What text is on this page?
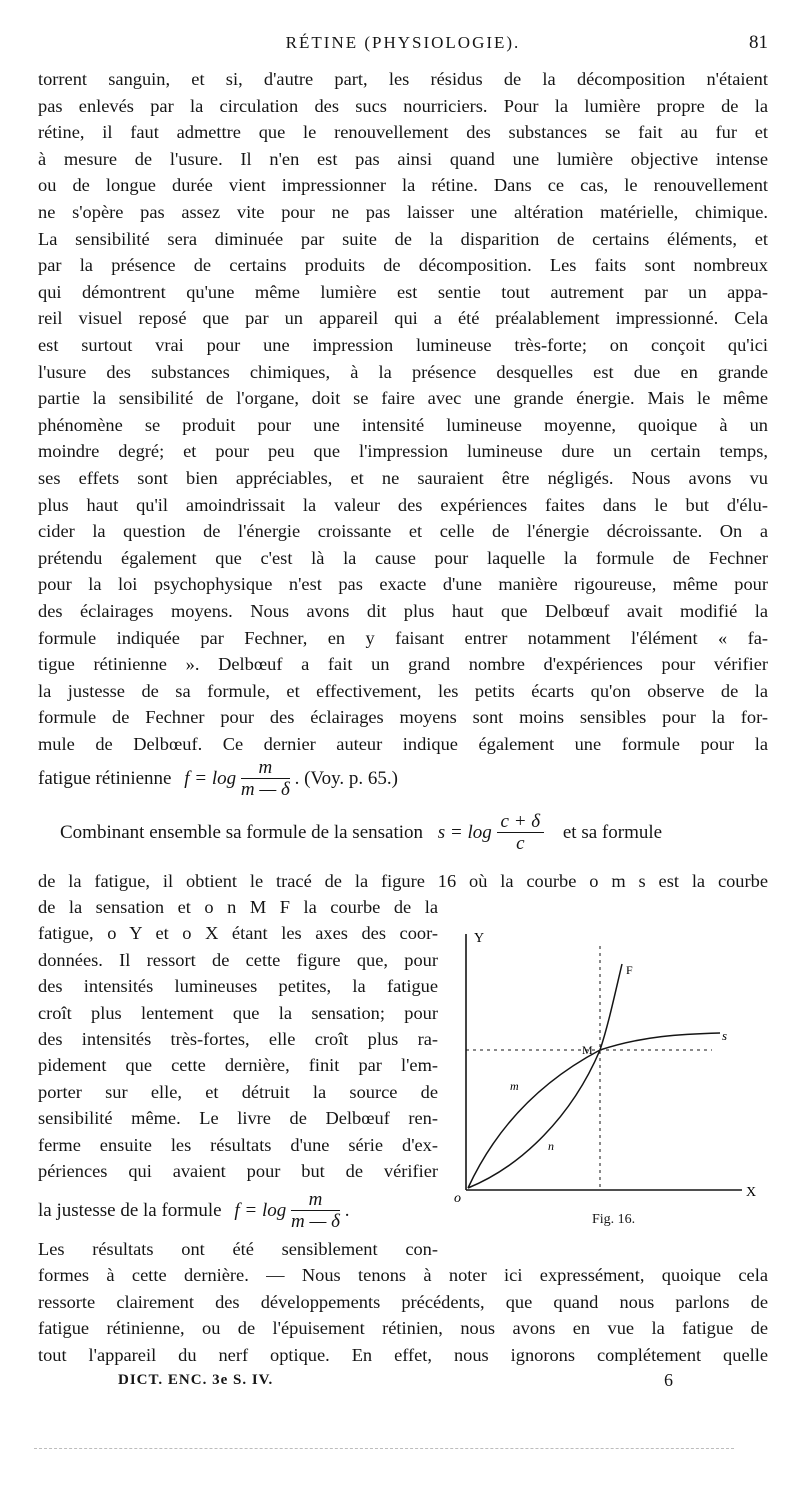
RÉTINE (PHYSIOLOGIE).	81
torrent sanguin, et si, d'autre part, les résidus de la décomposition n'étaient
pas enlevés par la circulation des sucs nourriciers. Pour la lumière propre de la
rétine, il faut admettre que le renouvellement des substances se fait au fur et
à mesure de l'usure. Il n'en est pas ainsi quand une lumière objective intense
ou de longue durée vient impressionner la rétine. Dans ce cas, le renouvellement
ne s'opère pas assez vite pour ne pas laisser une altération matérielle, chimique.
La sensibilité sera diminuée par suite de la disparition de certains éléments, et
par la présence de certains produits de décomposition. Les faits sont nombreux
qui démontrent qu'une même lumière est sentie tout autrement par un appa-
reil visuel reposé que par un appareil qui a été préalablement impressionné. Cela
est surtout vrai pour une impression lumineuse très-forte; on conçoit qu'ici
l'usure des substances chimiques, à la présence desquelles est due en grande
partie la sensibilité de l'organe, doit se faire avec une grande énergie. Mais le même
phénomène se produit pour une intensité lumineuse moyenne, quoique à un
moindre degré; et pour peu que l'impression lumineuse dure un certain temps,
ses effets sont bien appréciables, et ne sauraient être négligés. Nous avons vu
plus haut qu'il amoindrissait la valeur des expériences faites dans le but d'élu-
cider la question de l'énergie croissante et celle de l'énergie décroissante. On a
prétendu également que c'est là la cause pour laquelle la formule de Fechner
pour la loi psychophysique n'est pas exacte d'une manière rigoureuse, même pour
des éclairages moyens. Nous avons dit plus haut que Delbœuf avait modifié la
formule indiquée par Fechner, en y faisant entrer notamment l'élément « fa-
tigue rétinienne ». Delbœuf a fait un grand nombre d'expériences pour vérifier
la justesse de sa formule, et effectivement, les petits écarts qu'on observe de la
formule de Fechner pour des éclairages moyens sont moins sensibles pour la for-
mule de Delbœuf. Ce dernier auteur indique également une formule pour la
de la fatigue, il obtient le tracé de la figure 16 où la courbe o m s est la courbe
de la sensation et o n M F la courbe de la
fatigue, o Y et o X étant les axes des coor-
données. Il ressort de cette figure que, pour
des intensités lumineuses petites, la fatigue
croît plus lentement que la sensation; pour
des intensités très-fortes, elle croît plus ra-
pidement que cette dernière, finit par l'em-
porter sur elle, et détruit la source de
sensibilité même. Le livre de Delbœuf ren-
ferme ensuite les résultats d'une série d'ex-
périences qui avaient pour but de vérifier
Les résultats ont été sensiblement con-
formes à cette dernière. — Nous tenons à noter ici expressément, quoique cela
ressorte clairement des développements précédents, que quand nous parlons de
fatigue rétinienne, ou de l'épuisement rétinien, nous avons en vue la fatigue de
tout l'appareil du nerf optique. En effet, nous ignorons complétement quelle
fatigue rétinienne $f = \log \frac{m}{m — \delta}$ . (Voy. p. 65.)
Combinant ensemble sa formule de la sensation $s = \log \frac{c + \delta}{c}$ et sa formule
la justesse de la formule $f = \log \frac{m}{m — \delta}$ .
Y
X
o
F
M
s
m
n
Fig. 16.
DICT. ENC. 3e S. IV.	6
